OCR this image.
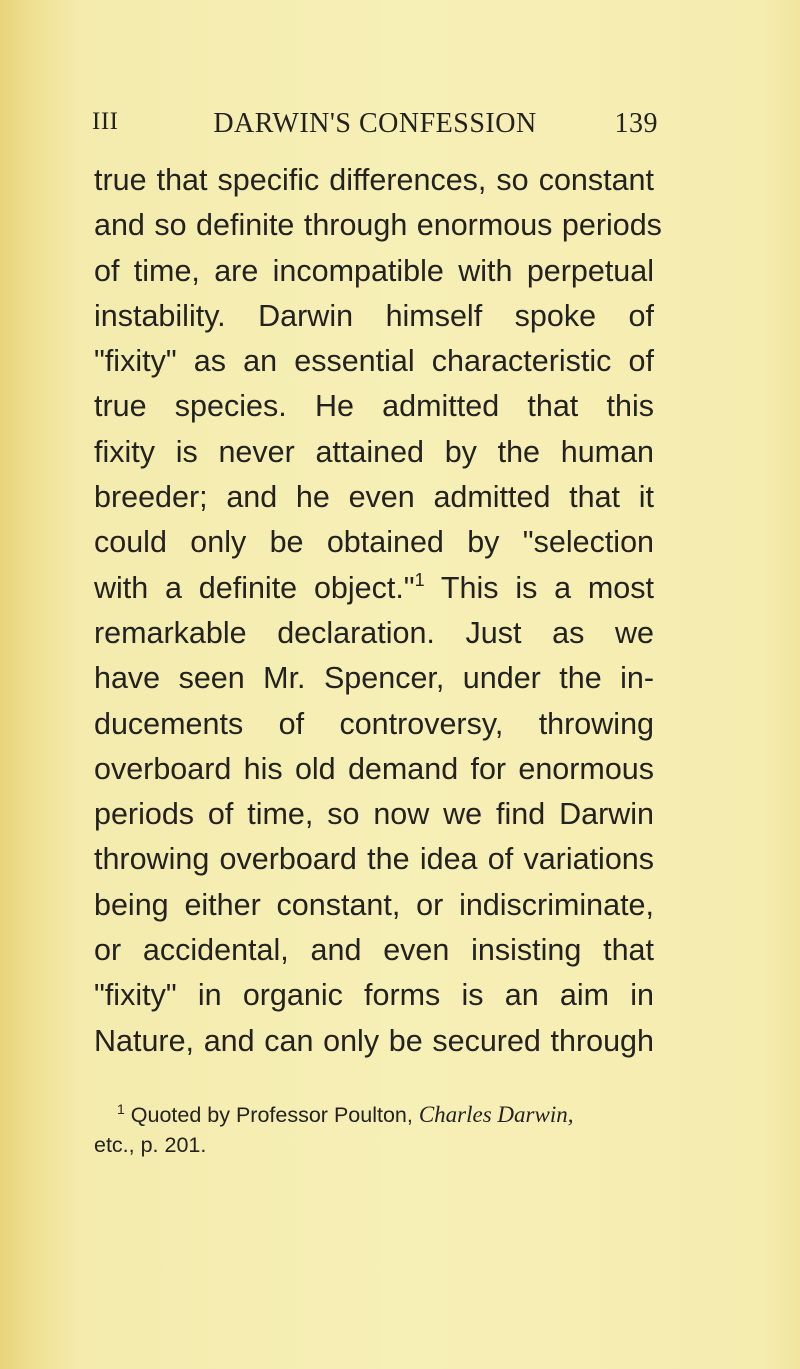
III	DARWIN'S CONFESSION	139
true that specific differences, so constant
and so definite through enormous periods
of time, are incompatible with perpetual
instability. Darwin himself spoke of
"fixity" as an essential characteristic of
true species. He admitted that this
fixity is never attained by the human
breeder; and he even admitted that it
could only be obtained by "selection
with a definite object."$^1$ This is a most
remarkable declaration. Just as we
have seen Mr. Spencer, under the in-
ducements of controversy, throwing
overboard his old demand for enormous
periods of time, so now we find Darwin
throwing overboard the idea of variations
being either constant, or indiscriminate,
or accidental, and even insisting that
"fixity" in organic forms is an aim in
Nature, and can only be secured through
$^1$ Quoted by Professor Poulton, Charles Darwin,
etc., p. 201.
